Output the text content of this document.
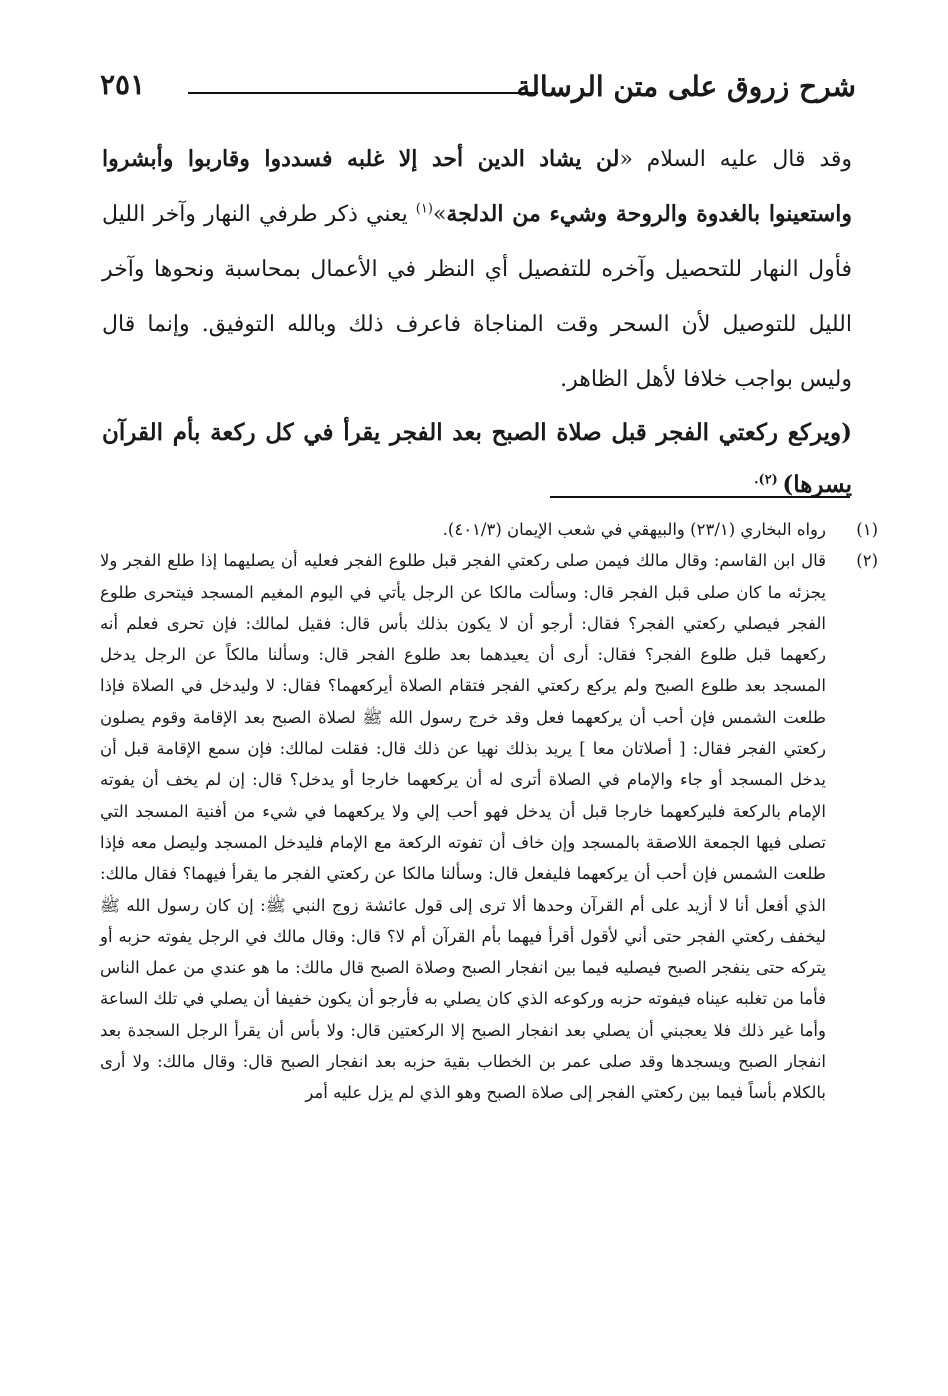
شرح زروق على متن الرسالة
٢٥١

وقد قال عليه السلام «لن يشاد الدين أحد إلا غلبه فسددوا وقاربوا وأبشروا واستعينوا بالغدوة والروحة وشيء من الدلجة»$^{(١)}$ يعني ذكر طرفي النهار وآخر الليل فأول النهار للتحصيل وآخره للتفصيل أي النظر في الأعمال بمحاسبة ونحوها وآخر الليل للتوصيل لأن السحر وقت المناجاة فاعرف ذلك وبالله التوفيق. وإنما قال وليس بواجب خلافا لأهل الظاهر.

(ويركع ركعتي الفجر قبل صلاة الصبح بعد الفجر يقرأ في كل ركعة بأم القرآن يسرها) $^{(٢).}$

(١)رواه البخاري (٢٣/١) والبيهقي في شعب الإيمان (٤٠١/٣).

(٢)قال ابن القاسم: وقال مالك فيمن صلى ركعتي الفجر قبل طلوع الفجر فعليه أن يصليهما إذا طلع الفجر ولا يجزئه ما كان صلى قبل الفجر قال: وسألت مالكا عن الرجل يأتي في اليوم المغيم المسجد فيتحرى طلوع الفجر فيصلي ركعتي الفجر؟ فقال: أرجو أن لا يكون بذلك بأس قال: فقيل لمالك: فإن تحرى فعلم أنه ركعهما قبل طلوع الفجر؟ فقال: أرى أن يعيدهما بعد طلوع الفجر قال: وسألنا مالكاً عن الرجل يدخل المسجد بعد طلوع الصبح ولم يركع ركعتي الفجر فتقام الصلاة أيركعهما؟ فقال: لا وليدخل في الصلاة فإذا طلعت الشمس فإن أحب أن يركعهما فعل وقد خرج رسول الله ﷺ لصلاة الصبح بعد الإقامة وقوم يصلون ركعتي الفجر فقال: [ أصلاتان معا ] يريد بذلك نهيا عن ذلك قال: فقلت لمالك: فإن سمع الإقامة قبل أن يدخل المسجد أو جاء والإمام في الصلاة أترى له أن يركعهما خارجا أو يدخل؟ قال: إن لم يخف أن يفوته الإمام بالركعة فليركعهما خارجا قبل أن يدخل فهو أحب إلي ولا يركعهما في شيء من أفنية المسجد التي تصلى فيها الجمعة اللاصقة بالمسجد وإن خاف أن تفوته الركعة مع الإمام فليدخل المسجد وليصل معه فإذا طلعت الشمس فإن أحب أن يركعهما فليفعل قال: وسألنا مالكا عن ركعتي الفجر ما يقرأ فيهما؟ فقال مالك: الذي أفعل أنا لا أزيد على أم القرآن وحدها ألا ترى إلى قول عائشة زوج النبي ﷺ: إن كان رسول الله ﷺ ليخفف ركعتي الفجر حتى أني لأقول أقرأ فيهما بأم القرآن أم لا؟ قال: وقال مالك في الرجل يفوته حزبه أو يتركه حتى ينفجر الصبح فيصليه فيما بين انفجار الصبح وصلاة الصبح قال مالك: ما هو عندي من عمل الناس فأما من تغلبه عيناه فيفوته حزبه وركوعه الذي كان يصلي به فأرجو أن يكون خفيفا أن يصلي في تلك الساعة وأما غير ذلك فلا يعجبني أن يصلي بعد انفجار الصبح إلا الركعتين قال: ولا بأس أن يقرأ الرجل السجدة بعد انفجار الصبح ويسجدها وقد صلى عمر بن الخطاب بقية حزبه بعد انفجار الصبح قال: وقال مالك: ولا أرى بالكلام بأساً فيما بين ركعتي الفجر إلى صلاة الصبح وهو الذي لم يزل عليه أمر
